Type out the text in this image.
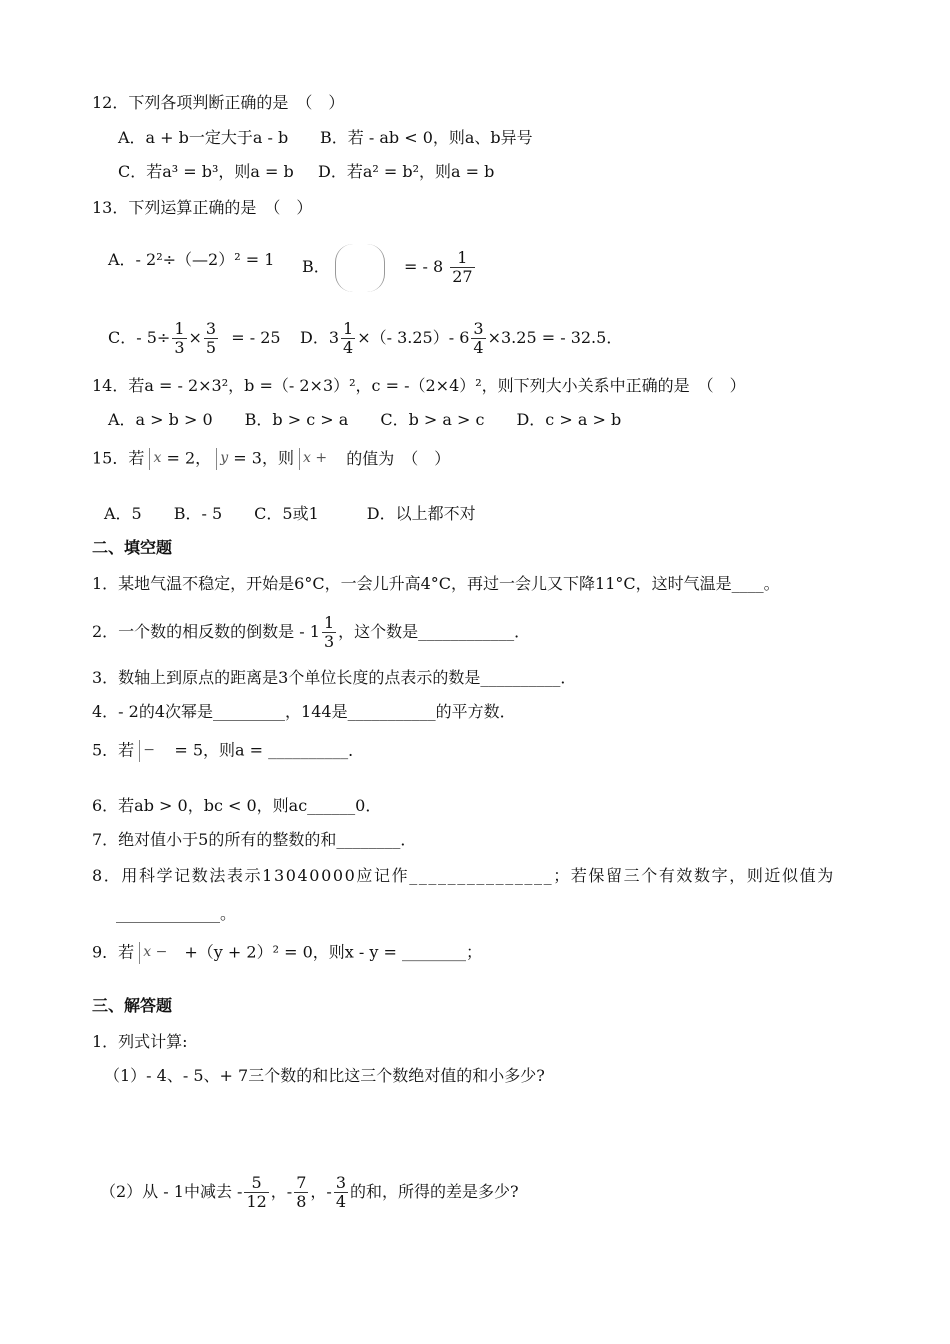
12．下列各项判断正确的是　（　）
A．a + b一定大于a - b B．若 - ab < 0，则a、b异号
C．若a³ = b³，则a = b D．若a² = b²，则a = b
13．下列运算正确的是　（　）
A．- 2²÷（—2）² = 1 B．	= - $8 \frac{1}{27}$
C．- $5\div \frac{1}{3} \times \frac{3}{5}$ = - 25 D．$3 \frac{1}{4}$ ×（- 3.25）- $6 \frac{3}{4} \times 3.25$ = - 32.5．
14．若a = - 2×3²，b =（- 2×3）²，c = -（2×4）²，则下列大小关系中正确的是　（　）
A．a > b > 0　　B．b > c > a　　C．b > a > c　　D．c > a > b
15．若 x = 2， y = 3，则 x + 的值为　（　）
A．5　　B．- 5　　C．5或1　　　D．以上都不对
二、填空题
1．某地气温不稳定，开始是6°C，一会儿升高4°C，再过一会儿又下降11°C，这时气温是____。
2．一个数的相反数的倒数是 - $1 \frac{1}{3}$ ，这个数是____________．
3．数轴上到原点的距离是3个单位长度的点表示的数是__________．
4．- 2的4次幂是_________，144是___________的平方数．
5．若 − = 5，则a = __________．
6．若ab > 0，bc < 0，则ac______0．
7．绝对值小于5的所有的整数的和________．
8．用科学记数法表示13040000应记作_______________；若保留三个有效数字，则近似值为
_____________。
9．若 x − +（y + 2）² = 0，则x - y = ________；
三、解答题
1．列式计算:
（1）- 4、- 5、+ 7三个数的和比这三个数绝对值的和小多少?
（2）从 - 1中减去 - $\frac{5}{12}$ ，- $\frac{7}{8}$ ，- $\frac{3}{4}$ 的和，所得的差是多少?
